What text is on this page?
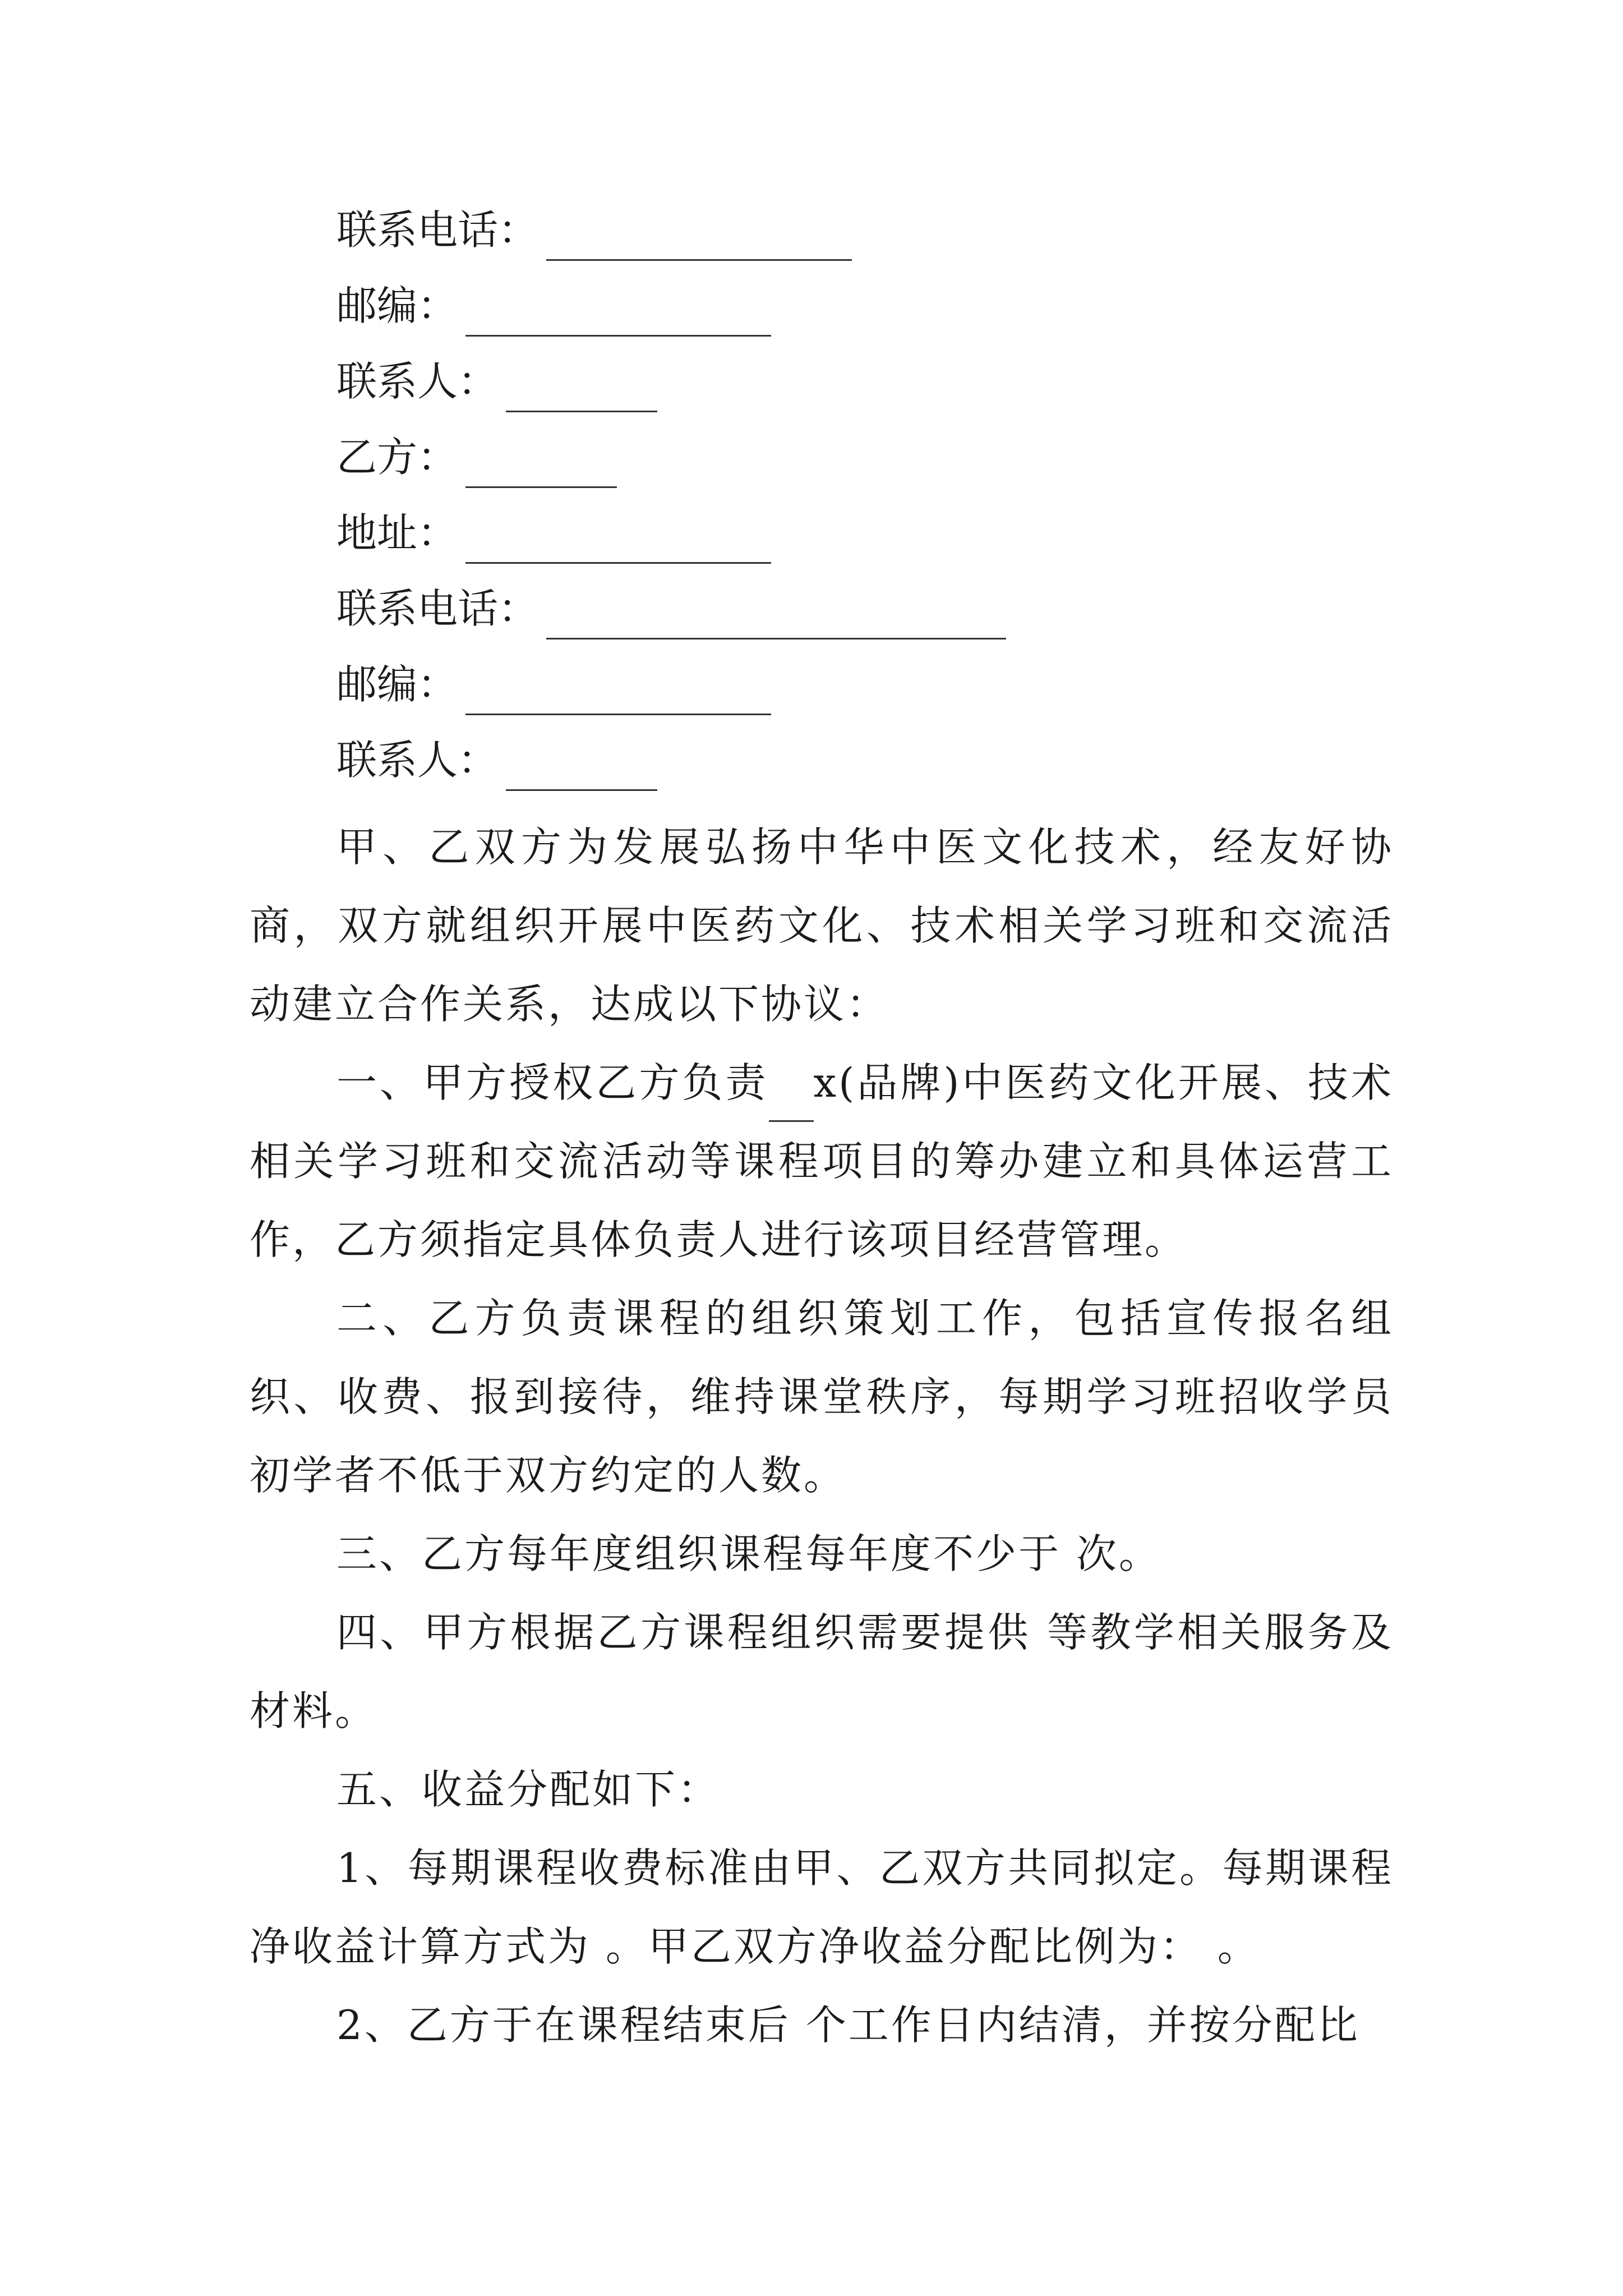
联系电话：
邮编：
联系人：
乙方：
地址：
联系电话：
邮编：
联系人：

甲、乙双方为发展弘扬中华中医文化技术，经友好协商，双方就组织开展中医药文化、技术相关学习班和交流活动建立合作关系，达成以下协议：

一、甲方授权乙方负责 x(品牌)中医药文化开展、技术相关学习班和交流活动等课程项目的筹办建立和具体运营工作，乙方须指定具体负责人进行该项目经营管理。

二、乙方负责课程的组织策划工作，包括宣传报名组织、收费、报到接待，维持课堂秩序，每期学习班招收学员初学者不低于双方约定的人数。

三、乙方每年度组织课程每年度不少于 次。

四、甲方根据乙方课程组织需要提供 等教学相关服务及材料。

五、收益分配如下：

1、每期课程收费标准由甲、乙双方共同拟定。每期课程净收益计算方式为 。甲乙双方净收益分配比例为： 。

2、乙方于在课程结束后 个工作日内结清，并按分配比
